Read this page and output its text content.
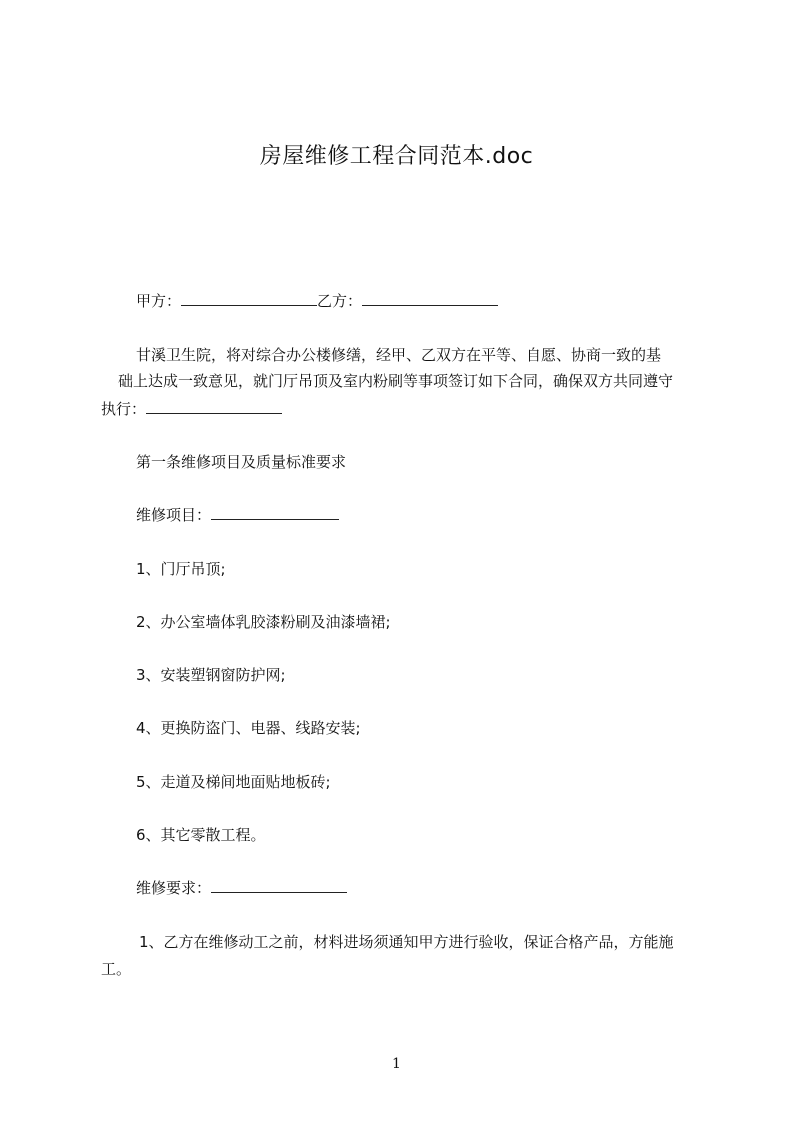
房屋维修工程合同范本.doc
甲方：	乙方：
甘溪卫生院，将对综合办公楼修缮，经甲、乙双方在平等、自愿、协商一致的基
础上达成一致意见，就门厅吊顶及室内粉刷等事项签订如下合同，确保双方共同遵守
执行：
第一条维修项目及质量标准要求
维修项目：
1、门厅吊顶;
2、办公室墙体乳胶漆粉刷及油漆墙裙;
3、安装塑钢窗防护网;
4、更换防盗门、电器、线路安装;
5、走道及梯间地面贴地板砖;
6、其它零散工程。
维修要求：
1、乙方在维修动工之前，材料进场须通知甲方进行验收，保证合格产品，方能施
工。
1
